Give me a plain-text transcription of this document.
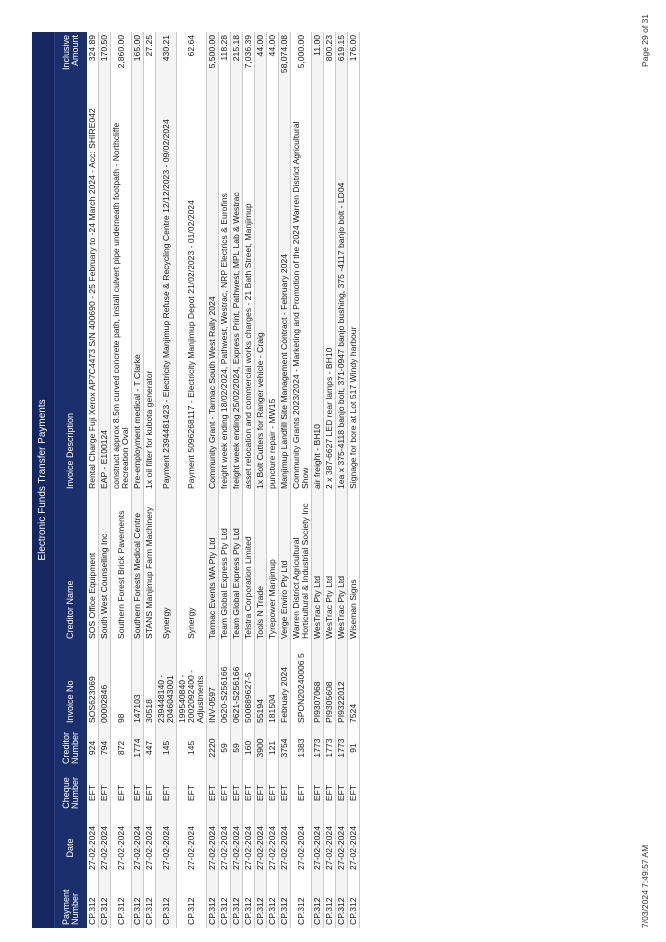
Electronic Funds Transfer Payments							
Payment Number	Date	Cheque Number	Creditor Number	Invoice No	Creditor Name	Invoice Description	Inclusive Amount
CP.312	27-02-2024	EFT	924	SOS623069	SOS Office Equipment	Rental Charge Fuji Xerox AP7C4473 S/N 400690 - 25 February to -24 March 2024 - Acc: SHIRE042	324.89
CP.312	27-02-2024	EFT	794	00002846	South West Counselling Inc	EAP - E100124	170.50
CP.312	27-02-2024	EFT	872	98	Southern Forest Brick Pavements	construct approx 8.5m curved concrete path, install culvert pipe underneath footpath - Northcliffe Recreation Oval	2,860.00
CP.312	27-02-2024	EFT	1774	147103	Southern Forests Medical Centre	Pre-employment medical - T Clarke	165.00
CP.312	27-02-2024	EFT	447	30518	STANS Manjimup Farm Machinery	1x oil filter for kubota generator	27.25
CP.312	27-02-2024	EFT	145	239448140 - 2046043001	Synergy	Payment 2394481423 - Electricity Manjimup Refuse & Recycling Centre 12/12/2023 - 09/02/2024	430.21
CP.312	27-02-2024	EFT	145	199540840 - 2002092400 - Adjustments	Synergy	Payment 5096268117 - Electricity Manjimup Depot 21/02/2023 - 01/02/2024	62.64
CP.312	27-02-2024	EFT	2220	INV-0597	Tarmac Events WA Pty Ltd	Community Grant - Tarmac South West Rally 2024	5,500.00
CP.312	27-02-2024	EFT	59	0620-S256166	Team Global Express Pty Ltd	freight week ending 18/02/2024, Pathwest, Westrac, NRP Electrics & Eurofins	118.28
CP.312	27-02-2024	EFT	59	0621-S256166	Team Global Express Pty Ltd	freight week ending 25/02/2024, Express Print, Pathwest, MPL Lab & Westrac	215.18
CP.312	27-02-2024	EFT	160	500889627-5	Telstra Corporation Limited	asset relocation and commercial works charges - 21 Bath Street, Manjimup	7,036.39
CP.312	27-02-2024	EFT	3900	55194	Tools N Trade	1x Bolt Cutters for Ranger vehicle - Craig	44.00
CP.312	27-02-2024	EFT	121	181504	Tyrepower Manjimup	puncture repair - MW15	44.00
CP.312	27-02-2024	EFT	3754	February 2024	Verge Enviro Pty Ltd	Manjimup Landfill Site Management Contract - February 2024	58,074.08
CP.312	27-02-2024	EFT	1383	SPON20240006 5	Warren District Agricultural Horticultural & Industrial Society Inc	Community Grants 2023/2024 - Marketing and Promotion of the 2024 Warren District Agricultural Show	5,000.00
CP.312	27-02-2024	EFT	1773	PI9307068	WesTrac Pty Ltd	air freight - BH10	11.00
CP.312	27-02-2024	EFT	1773	PI9305608	WesTrac Pty Ltd	2 x 387-6627 LED rear lamps - BH10	800.23
CP.312	27-02-2024	EFT	1773	PI9322012	WesTrac Pty Ltd	1ea x 375-4118 banjo bolt, 371-0947 banjo bushing, 375 -4117 banjo bolt - LD04	619.15
CP.312	27-02-2024	EFT	91	7524	Wiseman Signs	Signage for bore at Lot 517 Windy harbour	176.00
7/03/2024 7:49:57 AM
Page 29 of 31
